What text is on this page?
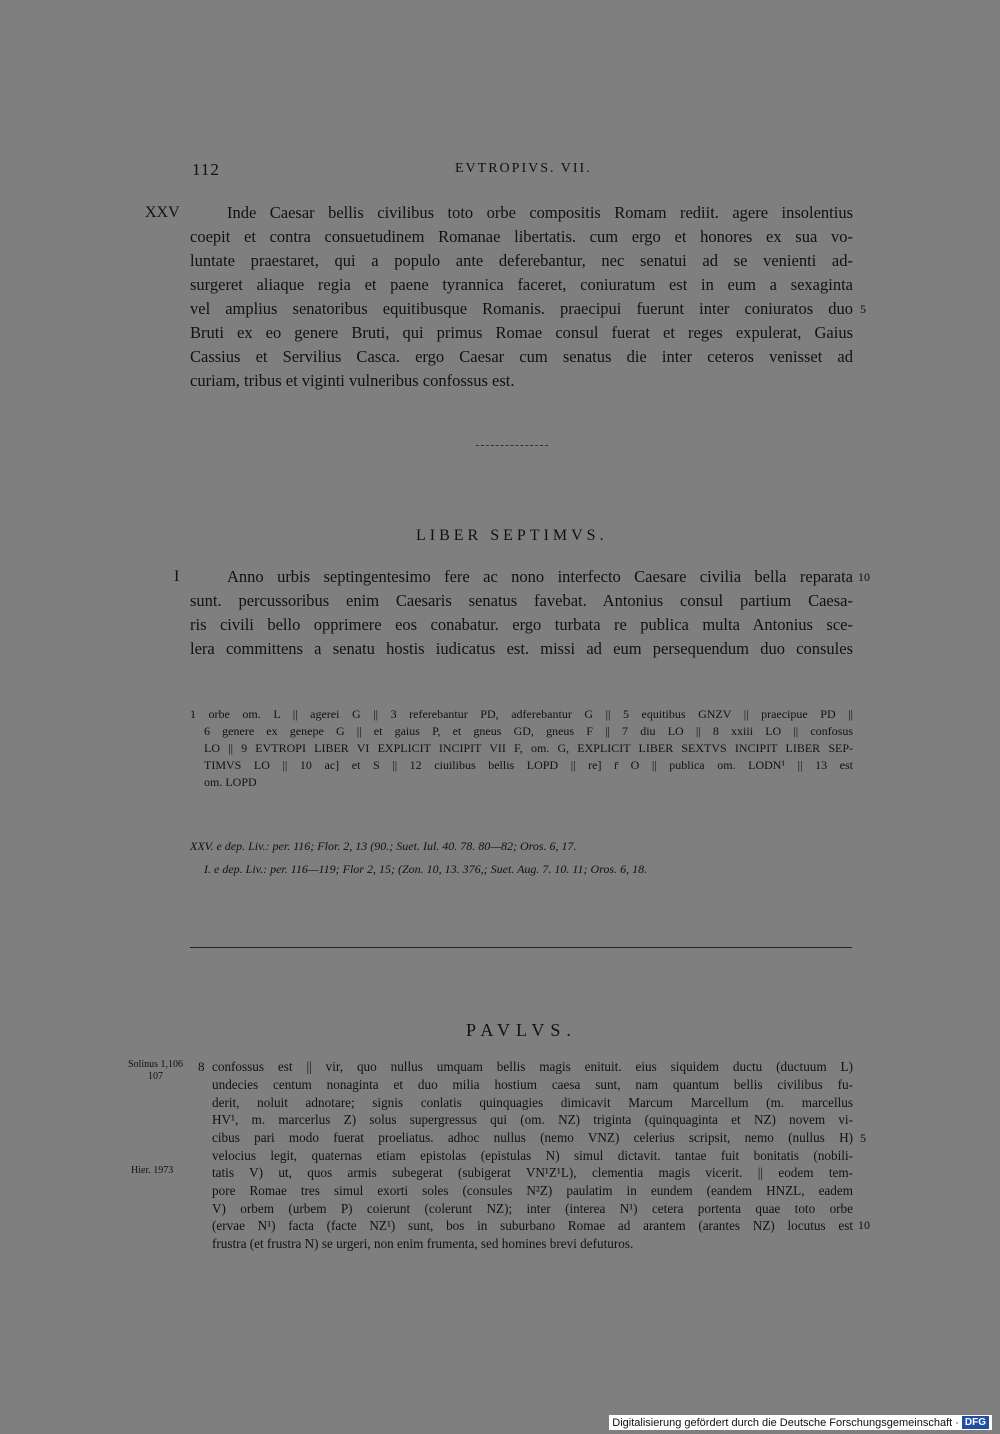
112	EVTROPIVS. VII.
XXV	Inde Caesar bellis civilibus toto orbe compositis Romam rediit. agere insolentius
coepit et contra consuetudinem Romanae libertatis. cum ergo et honores ex sua vo-
luntate praestaret, qui a populo ante deferebantur, nec senatui ad se venienti ad-
surgeret aliaque regia et paene tyrannica faceret, coniuratum est in eum a sexaginta
vel amplius senatoribus equitibusque Romanis. praecipui fuerunt inter coniuratos duo
Bruti ex eo genere Bruti, qui primus Romae consul fuerat et reges expulerat, Gaius
Cassius et Servilius Casca. ergo Caesar cum senatus die inter ceteros venisset ad
curiam, tribus et viginti vulneribus confossus est.
5
LIBER SEPTIMVS.
I	Anno urbis septingentesimo fere ac nono interfecto Caesare civilia bella reparata
sunt. percussoribus enim Caesaris senatus favebat. Antonius consul partium Caesa-
ris civili bello opprimere eos conabatur. ergo turbata re publica multa Antonius sce-
lera committens a senatu hostis iudicatus est. missi ad eum persequendum duo consules
10
1 orbe om. L || agerei G || 3 referebantur PD, adferebantur G || 5 equitibus GNZV || praecipue PD ||
6 genere ex genepe G || et gaius P, et gneus GD, gneus F || 7 diu LO || 8 xxiii LO || confosus
LO || 9 EVTROPI LIBER VI EXPLICIT INCIPIT VII F, om. G, EXPLICIT LIBER SEXTVS INCIPIT LIBER SEP-
TIMVS LO || 10 ac] et S || 12 ciuilibus bellis LOPD || re] r̄ O || publica om. LODN¹ || 13 est
om. LOPD
XXV. e dep. Liv.: per. 116; Flor. 2, 13 (90.; Suet. Iul. 40. 78. 80—82; Oros. 6, 17.
I. e dep. Liv.: per. 116—119; Flor 2, 15; (Zon. 10, 13. 376,; Suet. Aug. 7. 10. 11; Oros. 6, 18.
PAVLVS.
Solinus 1,106
107
Hier. 1973
8 confossus est || vir, quo nullus umquam bellis magis enituit. eius siquidem ductu (ductuum L)
undecies centum nonaginta et duo milia hostium caesa sunt, nam quantum bellis civilibus fu-
derit, noluit adnotare; signis conlatis quinquagies dimicavit Marcum Marcellum (m. marcellus
HV¹, m. marcerlus Z) solus supergressus qui (om. NZ) triginta (quinquaginta et NZ) novem vi-
cibus pari modo fuerat proeliatus. adhoc nullus (nemo VNZ) celerius scripsit, nemo (nullus H)
velocius legit, quaternas etiam epistolas (epistulas N) simul dictavit. tantae fuit bonitatis (nobili-
tatis V) ut, quos armis subegerat (subigerat VN¹Z¹L), clementia magis vicerit. || eodem tem-
pore Romae tres simul exorti soles (consules N²Z) paulatim in eundem (eandem HNZL, eadem
V) orbem (urbem P) coierunt (colerunt NZ); inter (interea N¹) cetera portenta quae toto orbe
(ervae N¹) facta (facte NZ¹) sunt, bos in suburbano Romae ad arantem (arantes NZ) locutus est
frustra (et frustra N) se urgeri, non enim frumenta, sed homines brevi defuturos.
5
10
Digitalisierung gefördert durch die Deutsche Forschungsgemeinschaft · DFG
